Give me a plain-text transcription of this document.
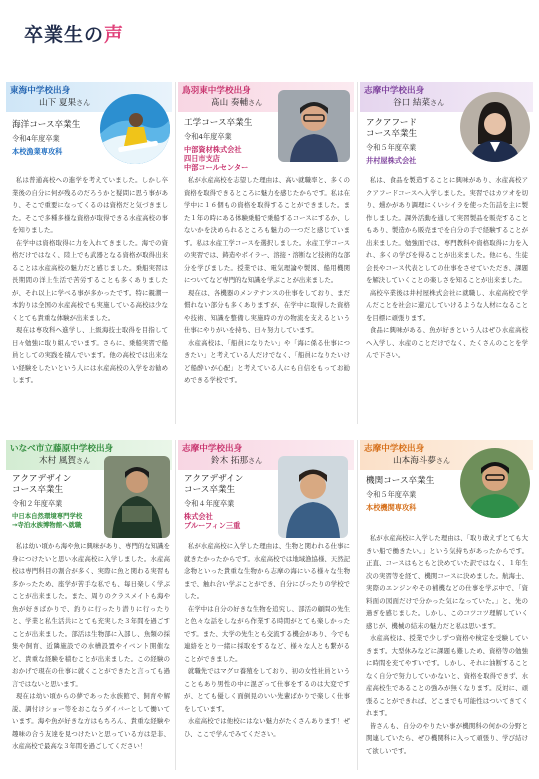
卒業生の声
東海中学校出身
山下 夏果さん
海洋コース卒業生
令和4年度卒業
本校漁業専攻科

私は普通高校への進学を考えていました。しかし卒業後の自分に何が残るのだろうかと疑問に思う事があり、そこで重要になってくるのは資格だと気づきました。そこで多種多様な資格が取得できる水産高校の事を知りました。

在学中は資格取得に力を入れてきました。海での資格だけではなく、陸上でも武器となる資格が取得出来ることは水産高校の魅力だと感じました。乗船実習は長期間の洋上生活で苦労することも多くありましたが、それ以上に学べる事が多かったです。特に親潮一本釣りは全国の水産高校でも実施している高校は少なくとても貴重な体験が出来ました。

現在は専攻科へ進学し、上級海技士取得を目指して日々勉強に取り組んでいます。さらに、乗船実習で船員としての実践を積んでいます。他の高校では出来ない経験をしたいという人には水産高校の入学をお勧めします。

鳥羽東中学校出身
髙山 奏輔さん
工学コース卒業生
令和4年度卒業
中部資材株式会社
四日市支店
中部コールセンター

私が水産高校を志望した理由は、高い就職率と、多くの資格を取得できるところに魅力を感じたからです。私は在学中に１６個もの資格を取得することができました。また１年の時にある体験乗船で乗船するコースにするか、しないかを決められるところも魅力の一つだと感じています。私は水産工学コースを選択しました。水産工学コースの実習では、鋳造やボイラー、溶接・溶断など技術的な部分を学びました。授業では、電気理論や製図、船用機関についてなど専門的な知識を学ぶことが出来ました。

現在は、各機器のメンテナンスの仕事をしており、まだ慣れない部分も多くありますが、在学中に取得した資格や技術、知識を整備し実施時の方の物流を支えるという仕事にやりがいを持ち、日々努力しています。

水産高校は、「船員になりたい」や「海に係る仕事につきたい」と考えている人だけでなく、「船員になりたいけど船酔いが心配」と考えている人にも自信をもってお勧めできる学校です。

志摩中学校出身
谷口 結菜さん
アクアフード
コース卒業生
令和５年度卒業
井村屋株式会社

私は、食品を製造することに興味があり、水産高校アクアフードコースへ入学しました。実習ではカツオを切り、燻かがあり調理にくいシイラを使った缶詰を主に製作しました。課外活動を通して実習製品を販売することもあり、製造から販売までを自分の手で経験することが出来ました。勉強面では、専門教科や資格取得に力を入れ、多くの学びを得ることが出来ました。他にも、生徒会長やコース代表としての仕事をさせていただき、課題を解決していくことの楽しさを知ることが出来ました。

高校卒業後は井村屋株式会社に就職し、水産高校で学んだことを社会に還元していけるような人材になることを目標に頑張ります。

食品に興味がある、魚が好きという人はぜひ水産高校へ入学し、水産のことだけでなく、たくさんのことを学んで下さい。

いなべ市立藤原中学校出身
木村 風賀さん
アクアデザイン
コース卒業生
令和２年度卒業
中日本自然環境専門学校
→寺泊水族博物館へ就職

私は幼い頃から海や魚に興味があり、専門的な知識を身につけたいと思い水産高校に入学しました。水産高校は専門科目の割合が多く、実際に魚と関わる実習も多かったため、座学が苦手な私でも、毎日楽しく学ぶことが出来ました。また、周りのクラスメイトも海や魚が好きばかりで、釣りに行ったり潜りに行ったりと、学業と私生活共にとても充実した３年間を過ごすことが出来ました。部活は生物部に入部し、魚類の採集や飼育、近隣施設での水槽設置やイベント開催など、貴重な経験を積むことが出来ました。この経験のおかげで現在の仕事に就くことができたと言っても過言ではないと思います。

現在は幼い頃からの夢であった水族館で、飼育や解説、調付けショー等をおこなうダイバーとして働いています。海や魚が好きな方はもちろん、貴重な経験や趣味の合う友達を見つけたいと思っている方は是非、水産高校で最高な３年間を過ごしてください！

志摩中学校出身
鈴木 拓那さん
アクアデザイン
コース卒業生
令和４年度卒業
株式会社
ブルーフィン三重

私が水産高校に入学した理由は、生物と関われる仕事に就きたかったからです。水産高校では地域漁協様、天然記念物といった貴重な生物から志摩の海にいる様々な生物まで、触れ合い学ぶことができ、自分にぴったりの学校でした。

在学中は自分の好きな生物を追究し、部活の顧問の先生と色々な話をしながら作業する時間がとても楽しかったです。また、大学の先生とも交流する機会があり、今でも連絡をとり一緒に採取をするなど、様々な人とも繋がることができました。

就職先ではマグロ養殖をしており、初の女性社員ということもあり男性の中に混ざって仕事をするのは大変ですが、とても優しく面倒見のいい先輩ばかりで楽しく仕事をしています。

水産高校では他校にはない魅力がたくさんあります！ぜひ、ここで学んでみてください。

志摩中学校出身
山本海斗夢さん
機関コース卒業生
令和５年度卒業
本校機関専攻科

私が水産高校に入学した理由は、「取り敢えずとても大きい船で働きたい。」という気持ちがあったからです。正直、コースはもともと決めていた訳ではなく、１年生次の実習等を経て、機関コースに決めました。航海士、実際のエンジンやその補機などの仕事を学ぶ中で、「資料面の図面だけで分かった気になっていた。」と、先の過ぎを感じました。しかし、このコツコツ理解していく感じが、機械の結末の魅力だと私は思います。

水産高校は、授業で少しずつ資格や検定を受験していきます。大型休みなどに課題も難しため、資格等の勉強に時間を充てやすいです。しかし、それに油断することなく自分で努力していかないと、資格を取得できず、水産高校生であることの強みが無くなります。反対に、頑張ることができれば、どこまでも可能性はついてきてくれます。

皆さんも、自分のやりたい事が機関科の何かの分野と関連していたら、ぜひ機関科に入って頑張り、学び結けて欲しいです。
